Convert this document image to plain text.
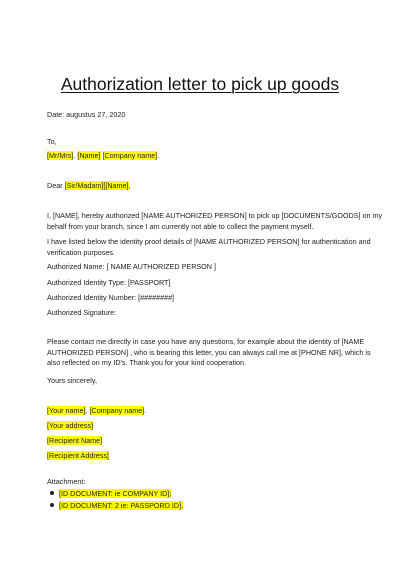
Authorization letter to pick up goods
Date: augustus 27, 2020
To,
[Mr/Mrs]. [Name] [Company name].
Dear [Sir/Madam][[Name],
I, [NAME], hereby authorized [NAME AUTHORIZED PERSON] to pick up [DOCUMENTS/GOODS] on my
behalf from your branch, since I am currently not able to collect the payment myself.
I have listed below the identity proof details of [NAME AUTHORIZED PERSON] for authentication and
verification purposes.
Authorized Name: [ NAME AUTHORIZED PERSON ]
Authorized Identity Type: [PASSPORT]
Authorized Identity Number: [########]
Authorized Signature:
Please contact me directly in case you have any questions, for example about the identity of [NAME
AUTHORIZED PERSON] , who is bearing this letter, you can always call me at [PHONE NR], which is
also reflected on my ID's. Thank you for your kind cooperation.
Yours sincerely,
[Your name], [Company name].
[Your address]
[Recipient Name]
[Recipient Address]
Attachment:
[ID DOCUMENT: ie COMPANY ID];
[ID DOCUMENT: 2 ie: PASSPORD ID].
